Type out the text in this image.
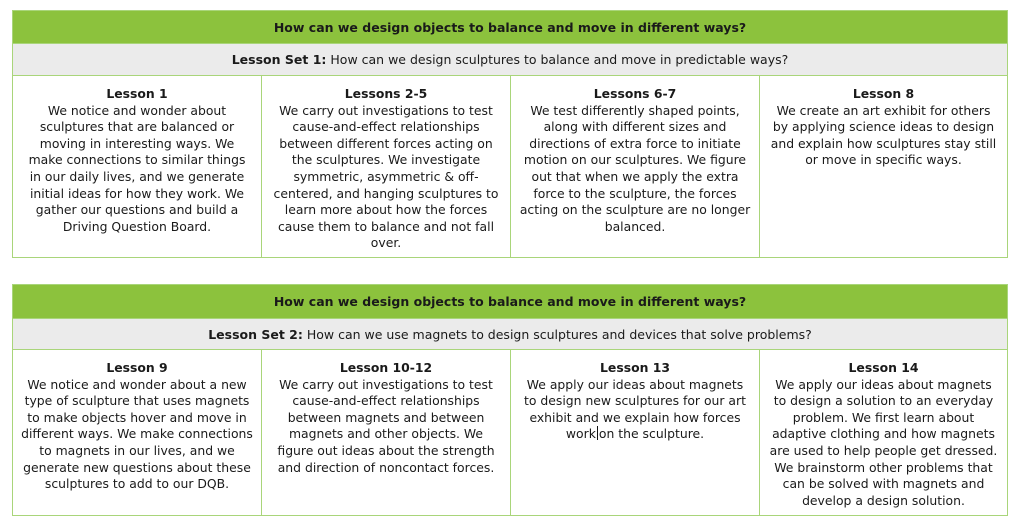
How can we design objects to balance and move in different ways?
Lesson Set 1: How can we design sculptures to balance and move in predictable ways?
Lesson 1
We notice and wonder about sculptures that are balanced or moving in interesting ways. We make connections to similar things in our daily lives, and we generate initial ideas for how they work. We gather our questions and build a Driving Question Board.
Lessons 2-5
We carry out investigations to test cause-and-effect relationships between different forces acting on the sculptures. We investigate symmetric, asymmetric & off-centered, and hanging sculptures to learn more about how the forces cause them to balance and not fall over.
Lessons 6-7
We test differently shaped points, along with different sizes and directions of extra force to initiate motion on our sculptures. We figure out that when we apply the extra force to the sculpture, the forces acting on the sculpture are no longer balanced.
Lesson 8
We create an art exhibit for others by applying science ideas to design and explain how sculptures stay still or move in specific ways.
How can we design objects to balance and move in different ways?
Lesson Set 2: How can we use magnets to design sculptures and devices that solve problems?
Lesson 9
We notice and wonder about a new type of sculpture that uses magnets to make objects hover and move in different ways. We make connections to magnets in our lives, and we generate new questions about these sculptures to add to our DQB.
Lesson 10-12
We carry out investigations to test cause-and-effect relationships between magnets and between magnets and other objects. We figure out ideas about the strength and direction of noncontact forces.
Lesson 13
We apply our ideas about magnets to design new sculptures for our art exhibit and we explain how forces work on the sculpture.
Lesson 14
We apply our ideas about magnets to design a solution to an everyday problem. We first learn about adaptive clothing and how magnets are used to help people get dressed. We brainstorm other problems that can be solved with magnets and develop a design solution.
